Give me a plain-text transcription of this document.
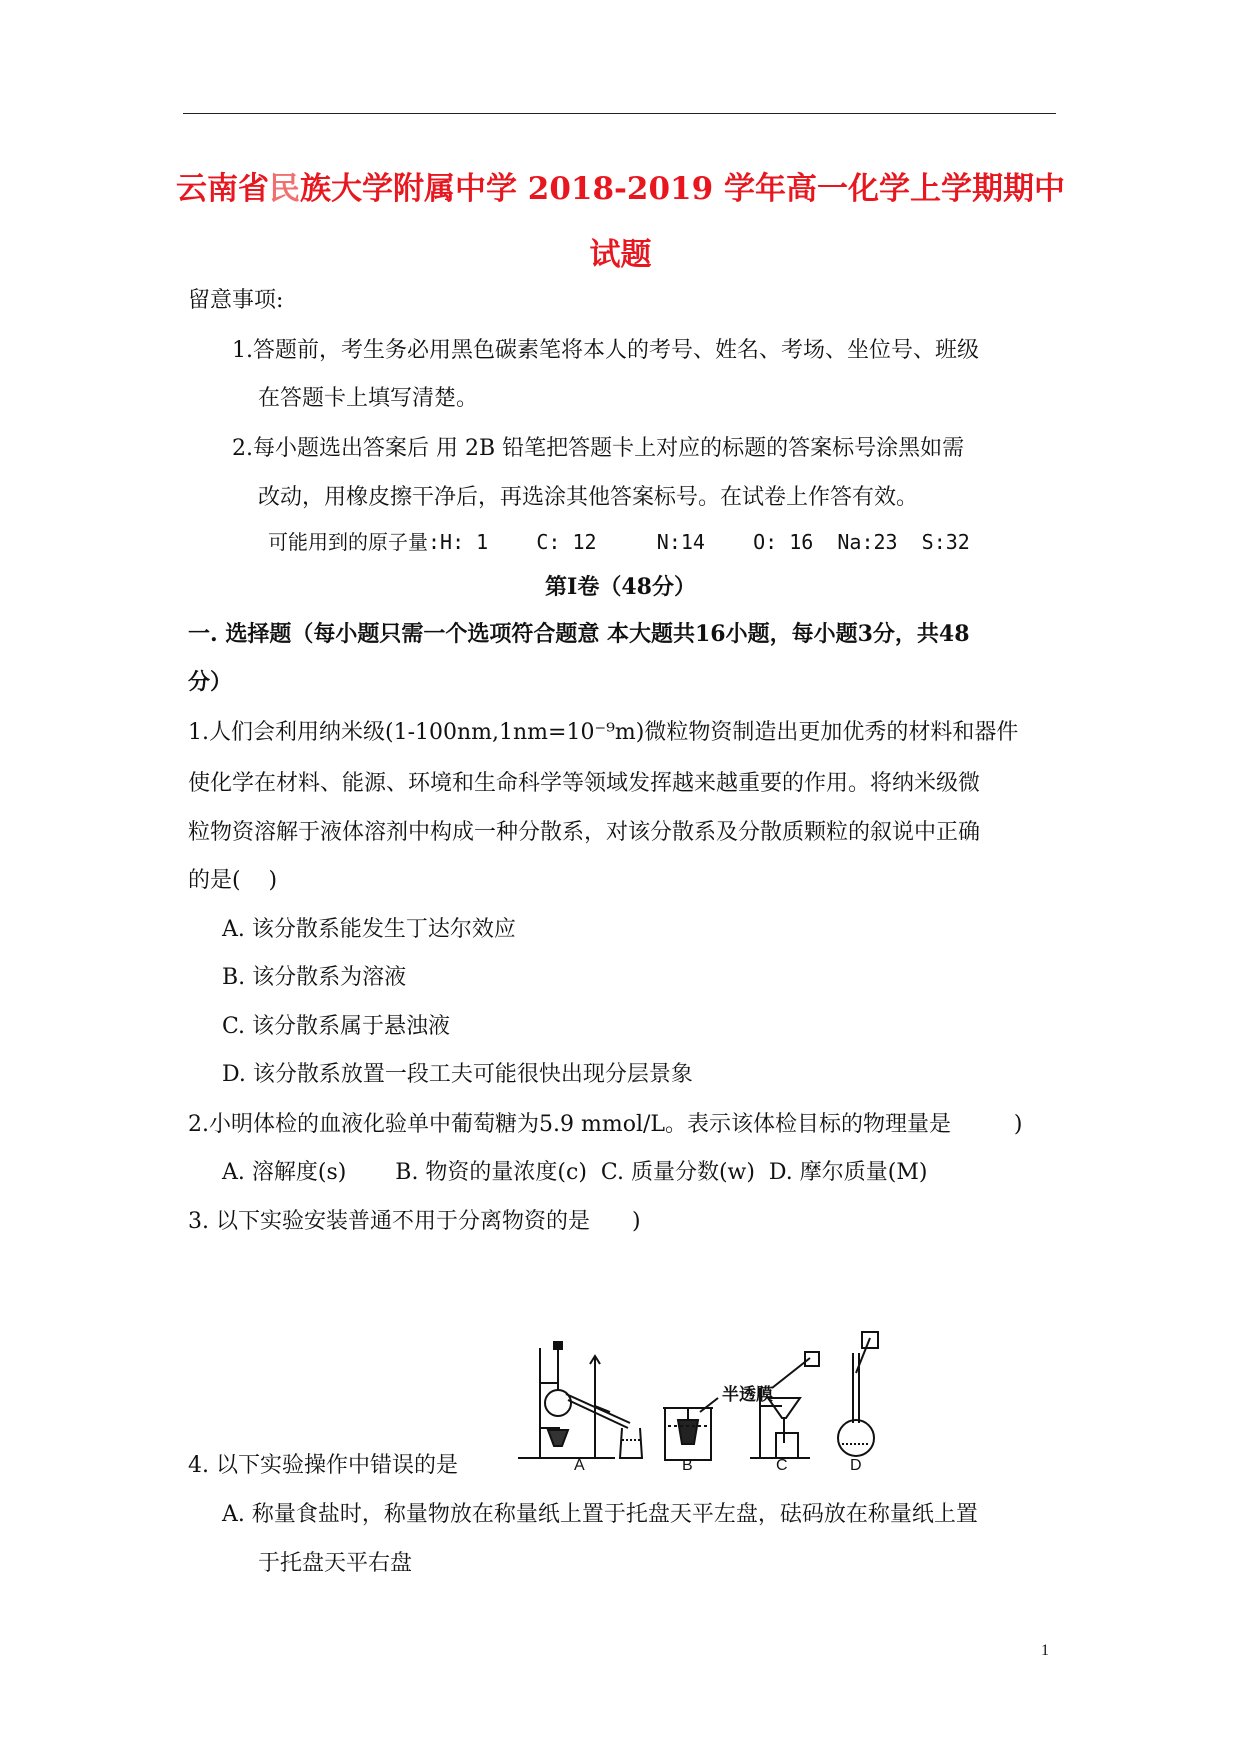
云南省民族大学附属中学 2018-2019 学年高一化学上学期期中
试题
留意事项:
1.答题前，考生务必用黑色碳素笔将本人的考号、姓名、考场、坐位号、班级
在答题卡上填写清楚。
2.每小题选出答案后 用 2B 铅笔把答题卡上对应的标题的答案标号涂黑如需
改动，用橡皮擦干净后，再选涂其他答案标号。在试卷上作答有效。
可能用到的原子量:H: 1    C: 12     N:14    O: 16  Na:23  S:32
第Ⅰ卷（48分）
一. 选择题（每小题只需一个选项符合题意 本大题共16小题，每小题3分，共48
分）
1.人们会利用纳米级(1-100nm,1nm=10⁻⁹m)微粒物资制造出更加优秀的材料和器件
使化学在材料、能源、环境和生命科学等领域发挥越来越重要的作用。将纳米级微
粒物资溶解于液体溶剂中构成一种分散系，对该分散系及分散质颗粒的叙说中正确
的是(    )
A. 该分散系能发生丁达尔效应
B. 该分散系为溶液
C. 该分散系属于悬浊液
D. 该分散系放置一段工夫可能很快出现分层景象
2.小明体检的血液化验单中葡萄糖为5.9 mmol/L。表示该体检目标的物理量是         )
A. 溶解度(s)       B. 物资的量浓度(c)  C. 质量分数(w)  D. 摩尔质量(M)
3. 以下实验安装普通不用于分离物资的是      )
A	B	C	D
半透膜
4. 以下实验操作中错误的是
A. 称量食盐时，称量物放在称量纸上置于托盘天平左盘，砝码放在称量纸上置
于托盘天平右盘
1
